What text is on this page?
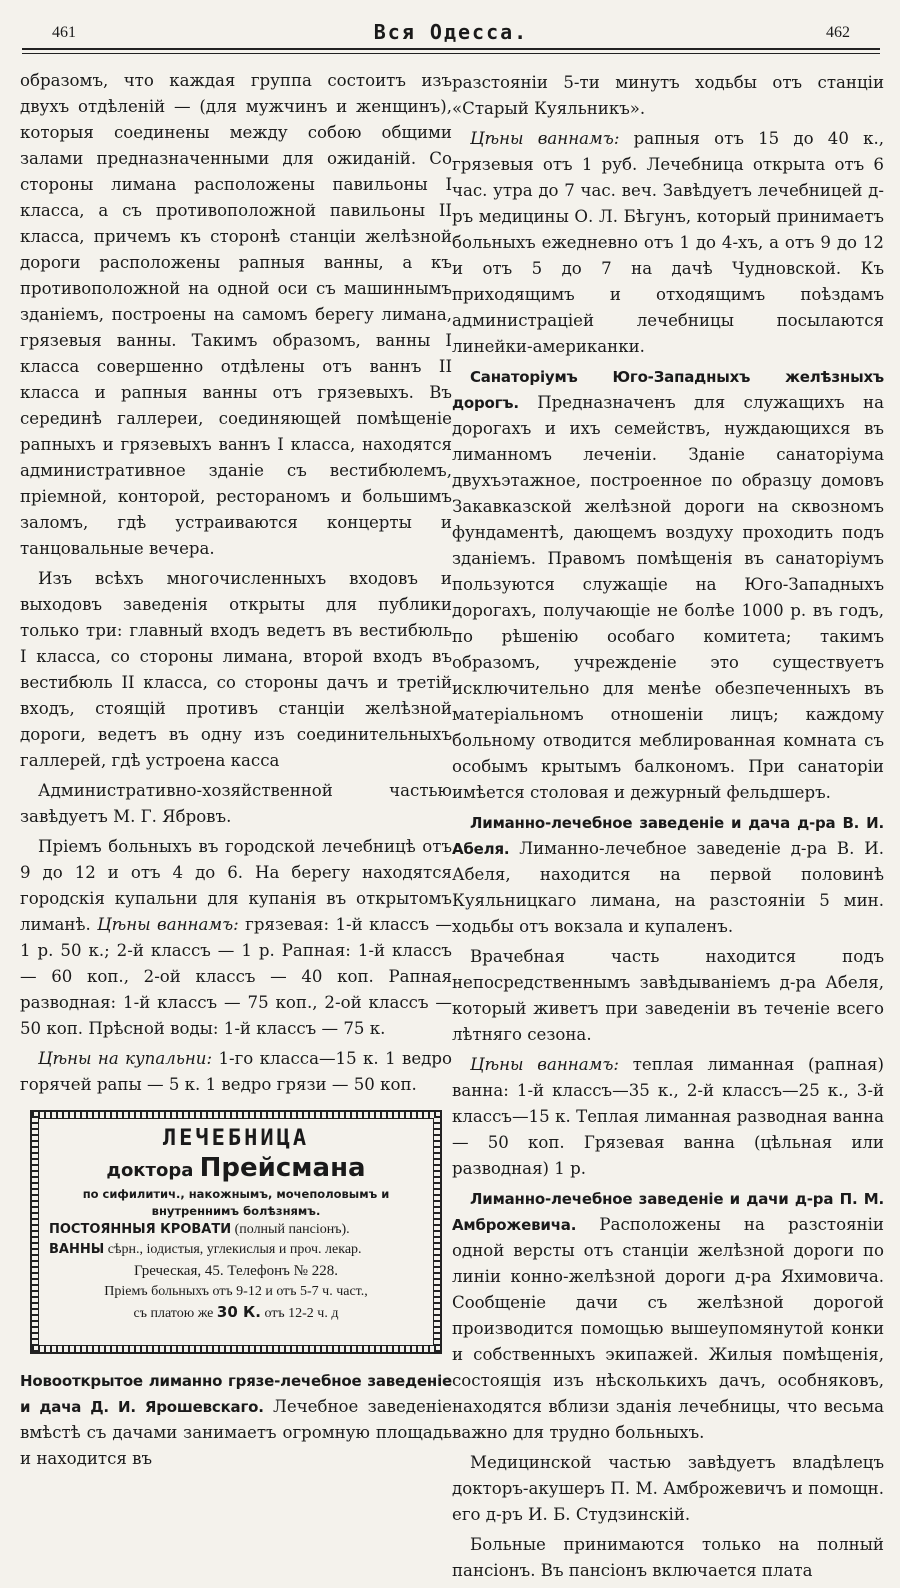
461	Вся Одесса.	462

образомъ, что каждая группа состоитъ изъ двухъ отдѣленій — (для мужчинъ и женщинъ), которыя соединены между собою общими залами предназначенными для ожиданій. Со стороны лимана расположены павильоны I класса, а съ противоположной павильоны II класса, причемъ къ сторонѣ станціи желѣзной дороги расположены рапныя ванны, а къ противоположной на одной оси съ машиннымъ зданіемъ, построены на самомъ берегу лимана, грязевыя ванны. Такимъ образомъ, ванны I класса совершенно отдѣлены отъ ваннъ II класса и рапныя ванны отъ грязевыхъ. Въ серединѣ галлереи, соединяющей помѣщеніе рапныхъ и грязевыхъ ваннъ I класса, находятся административное зданіе съ вестибюлемъ, пріемной, конторой, ресторaномъ и большимъ заломъ, гдѣ устраиваются концерты и танцовальные вечера.

Изъ всѣхъ многочисленныхъ входовъ и выходовъ заведенія открыты для публики только три: главный входъ ведетъ въ вестибюль I класса, со стороны лимана, второй входъ въ вестибюль II класса, со стороны дачъ и третій входъ, стоящій противъ станціи желѣзной дороги, ведетъ въ одну изъ соединительныхъ галлерей, гдѣ устроена касса

Административно-хозяйственной частью завѣдуетъ М. Г. Ябровъ.

Пріемъ больныхъ въ городской лечебницѣ отъ 9 до 12 и отъ 4 до 6. На берегу находятся городскія купальни для купанія въ открытомъ лиманѣ. Цѣны ваннамъ: грязевая: 1-й классъ — 1 р. 50 к.; 2-й классъ — 1 р. Рапная: 1-й классъ — 60 коп., 2-ой классъ — 40 коп. Рапная разводная: 1-й классъ — 75 коп., 2-ой классъ — 50 коп. Прѣсной воды: 1-й классъ — 75 к.

Цѣны на купальни: 1-го класса—15 к. 1 ведро горячей рапы — 5 к. 1 ведро грязи — 50 коп.

ЛЕЧЕБНИЦА
доктора Прейсмана
по сифилитич., накожнымъ, мочеполовымъ и внутреннимъ болѣзнямъ.
ПОСТОЯННЫЯ КРОВАТИ (полный пансіонъ).
ВАННЫ сѣрн., іодистыя, углекислыя и проч. лекар.
Греческая, 45. Телефонъ № 228.
Пріемъ больныхъ отъ 9-12 и отъ 5-7 ч. част.,
съ платою же 30 К. отъ 12-2 ч. д

Новооткрытое лиманно грязе-лечебное заведеніе и дача Д. И. Ярошевскаго. Лечебное заведеніе вмѣстѣ съ дачами занимаетъ огромную площадь и находится въ

разстояніи 5-ти минутъ ходьбы отъ станціи «Старый Куяльникъ».

Цѣны ваннамъ: рапныя отъ 15 до 40 к., грязевыя отъ 1 руб. Лечебница открыта отъ 6 час. утра до 7 час. веч. Завѣдуетъ лечебницей д-ръ медицины О. Л. Бѣгунъ, который принимаетъ больныхъ ежедневно отъ 1 до 4-хъ, а отъ 9 до 12 и отъ 5 до 7 на дачѣ Чудновской. Къ приходящимъ и отходящимъ поѣздамъ администраціей лечебницы посылаются линейки-американки.

Санаторіумъ Юго-Западныхъ желѣзныхъ дорогъ. Предназначенъ для служащихъ на дорогахъ и ихъ семействъ, нуждающихся въ лиманномъ леченіи. Зданіе санаторіума двухъэтажное, построенное по образцу домовъ Закавказской желѣзной дороги на сквозномъ фундаментѣ, дающемъ воздуху проходить подъ зданіемъ. Правомъ помѣщенія въ санаторіумъ пользуются служащіе на Юго-Западныхъ дорогахъ, получающіе не болѣе 1000 р. въ годъ, по рѣшенію особаго комитета; такимъ образомъ, учрежденіе это существуетъ исключительно для менѣе обезпеченныхъ въ матеріальномъ отношеніи лицъ; каждому больному отводится меблированная комната съ особымъ крытымъ балкономъ. При санаторіи имѣется столовая и дежурный фельдшеръ.

Лиманно-лечебное заведеніе и дача д-ра В. И. Абеля. Лиманно-лечебное заведеніе д-ра В. И. Абеля, находится на первой половинѣ Куяльницкаго лимана, на разстояніи 5 мин. ходьбы отъ вокзала и купаленъ.

Врачебная часть находится подъ непосредственнымъ завѣдываніемъ д-ра Абеля, который живетъ при заведеніи въ теченіе всего лѣтняго сезона.

Цѣны ваннамъ: теплая лиманная (рапная) ванна: 1-й классъ—35 к., 2-й классъ—25 к., 3-й классъ—15 к. Теплая лиманная разводная ванна — 50 коп. Грязевая ванна (цѣльная или разводная) 1 р.

Лиманно-лечебное заведеніе и дачи д-ра П. М. Амброжевича. Расположены на разстояніи одной версты отъ станціи желѣзной дороги по линіи конно-желѣзной дороги д-ра Яхимовича. Сообщеніе дачи съ желѣзной дорогой производится помощью вышеупомянутой конки и собственныхъ экипажей. Жилыя помѣщенія, состоящія изъ нѣсколькихъ дачъ, особняковъ, находятся вблизи зданія лечебницы, что весьма важно для трудно больныхъ.

Медицинской частью завѣдуетъ владѣлецъ докторъ-акушеръ П. М. Амброжевичъ и помощн. его д-ръ И. Б. Студзинскій.

Больные принимаются только на полный пансіонъ. Въ пансіонъ включается плата
